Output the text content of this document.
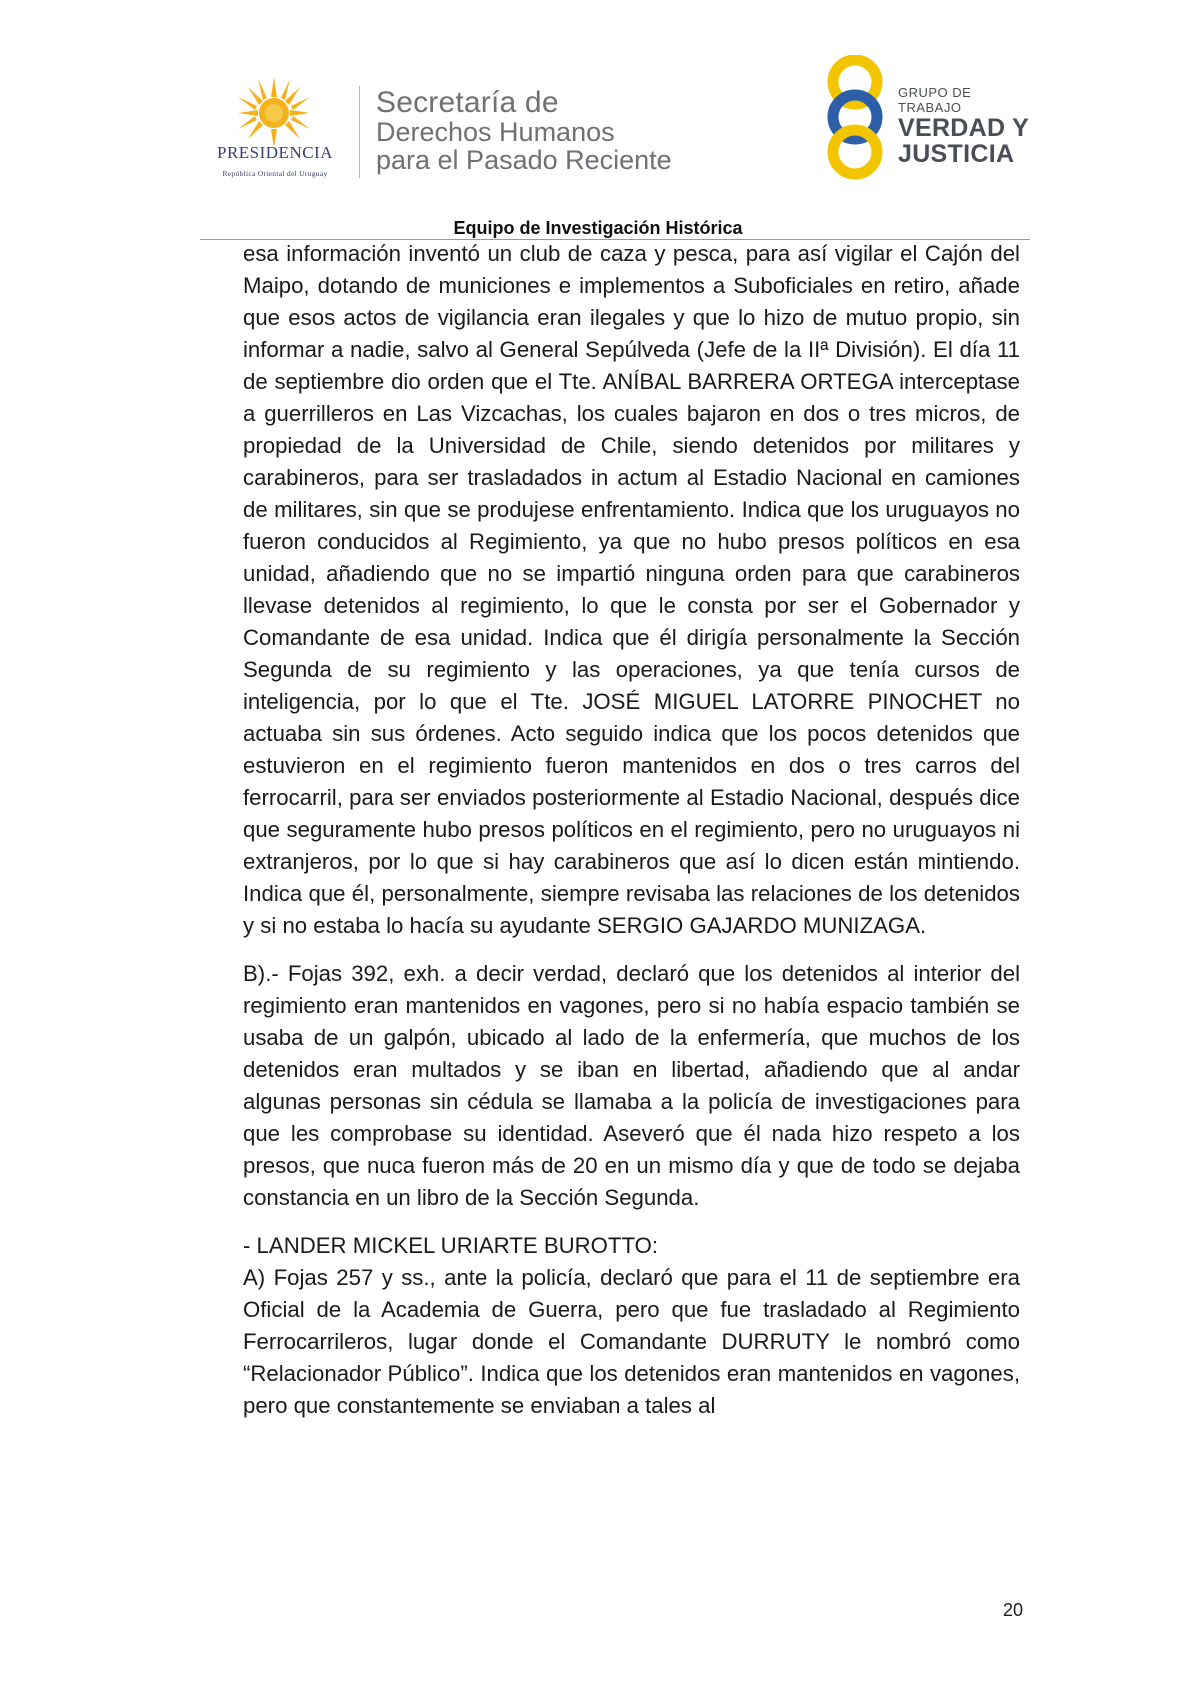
PRESIDENCIA
República Oriental del Uruguay
Secretaría de
Derechos Humanos
para el Pasado Reciente
GRUPO DE TRABAJO
VERDAD Y
JUSTICIA
Equipo de Investigación Histórica

esa información inventó un club de caza y pesca, para así vigilar el Cajón del Maipo, dotando de municiones e implementos a Suboficiales en retiro, añade que esos actos de vigilancia eran ilegales y que lo hizo de mutuo propio, sin informar a nadie, salvo al General Sepúlveda (Jefe de la IIª División). El día 11 de septiembre dio orden que el Tte. ANÍBAL BARRERA ORTEGA interceptase a guerrilleros en Las Vizcachas, los cuales bajaron en dos o tres micros, de propiedad de la Universidad de Chile, siendo detenidos por militares y carabineros, para ser trasladados in actum al Estadio Nacional en camiones de militares, sin que se produjese enfrentamiento. Indica que los uruguayos no fueron conducidos al Regimiento, ya que no hubo presos políticos en esa unidad, añadiendo que no se impartió ninguna orden para que carabineros llevase detenidos al regimiento, lo que le consta por ser el Gobernador y Comandante de esa unidad. Indica que él dirigía personalmente la Sección Segunda de su regimiento y las operaciones, ya que tenía cursos de inteligencia, por lo que el Tte. JOSÉ MIGUEL LATORRE PINOCHET no actuaba sin sus órdenes. Acto seguido indica que los pocos detenidos que estuvieron en el regimiento fueron mantenidos en dos o tres carros del ferrocarril, para ser enviados posteriormente al Estadio Nacional, después dice que seguramente hubo presos políticos en el regimiento, pero no uruguayos ni extranjeros, por lo que si hay carabineros que así lo dicen están mintiendo. Indica que él, personalmente, siempre revisaba las relaciones de los detenidos y si no estaba lo hacía su ayudante SERGIO GAJARDO MUNIZAGA.

B).- Fojas 392, exh. a decir verdad, declaró que los detenidos al interior del regimiento eran mantenidos en vagones, pero si no había espacio también se usaba de un galpón, ubicado al lado de la enfermería, que muchos de los detenidos eran multados y se iban en libertad, añadiendo que al andar algunas personas sin cédula se llamaba a la policía de investigaciones para que les comprobase su identidad. Aseveró que él nada hizo respeto a los presos, que nuca fueron más de 20 en un mismo día y que de todo se dejaba constancia en un libro de la Sección Segunda.

- LANDER MICKEL URIARTE BUROTTO:

A) Fojas 257 y ss., ante la policía, declaró que para el 11 de septiembre era Oficial de la Academia de Guerra, pero que fue trasladado al Regimiento Ferrocarrileros, lugar donde el Comandante DURRUTY le nombró como “Relacionador Público”. Indica que los detenidos eran mantenidos en vagones, pero que constantemente se enviaban a tales al

20
